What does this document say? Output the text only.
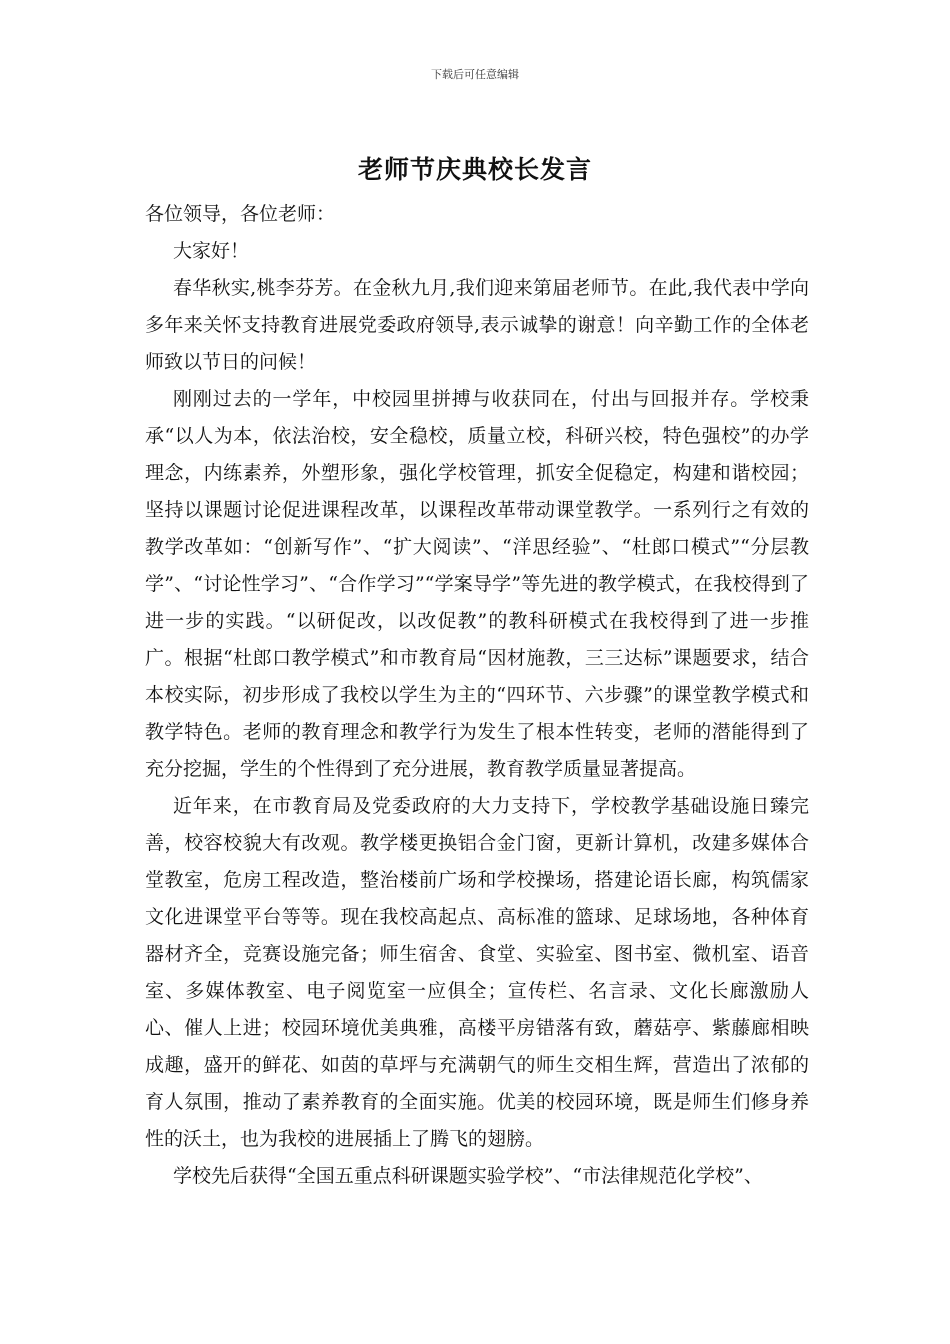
下载后可任意编辑
老师节庆典校长发言

各位领导，各位老师：

大家好！

春华秋实,桃李芬芳。在金秋九月,我们迎来第届老师节。在此,我代表中学向多年来关怀支持教育进展党委政府领导,表示诚挚的谢意！向辛勤工作的全体老师致以节日的问候！

刚刚过去的一学年，中校园里拼搏与收获同在，付出与回报并存。学校秉承“以人为本，依法治校，安全稳校，质量立校，科研兴校，特色强校”的办学理念，内练素养，外塑形象，强化学校管理，抓安全促稳定，构建和谐校园；坚持以课题讨论促进课程改革，以课程改革带动课堂教学。一系列行之有效的教学改革如：“创新写作”、“扩大阅读”、“洋思经验”、“杜郎口模式”“分层教学”、“讨论性学习”、“合作学习”“学案导学”等先进的教学模式，在我校得到了进一步的实践。“以研促改，以改促教”的教科研模式在我校得到了进一步推广。根据“杜郎口教学模式”和市教育局“因材施教，三三达标”课题要求，结合本校实际，初步形成了我校以学生为主的“四环节、六步骤”的课堂教学模式和教学特色。老师的教育理念和教学行为发生了根本性转变，老师的潜能得到了充分挖掘，学生的个性得到了充分进展，教育教学质量显著提高。

近年来，在市教育局及党委政府的大力支持下，学校教学基础设施日臻完善，校容校貌大有改观。教学楼更换铝合金门窗，更新计算机，改建多媒体合堂教室，危房工程改造，整治楼前广场和学校操场，搭建论语长廊，构筑儒家文化进课堂平台等等。现在我校高起点、高标准的篮球、足球场地，各种体育器材齐全，竞赛设施完备；师生宿舍、食堂、实验室、图书室、微机室、语音室、多媒体教室、电子阅览室一应俱全；宣传栏、名言录、文化长廊激励人心、催人上进；校园环境优美典雅，高楼平房错落有致，蘑菇亭、紫藤廊相映成趣，盛开的鲜花、如茵的草坪与充满朝气的师生交相生辉，营造出了浓郁的育人氛围，推动了素养教育的全面实施。优美的校园环境，既是师生们修身养性的沃土，也为我校的进展插上了腾飞的翅膀。

学校先后获得“全国五重点科研课题实验学校”、“市法律规范化学校”、
